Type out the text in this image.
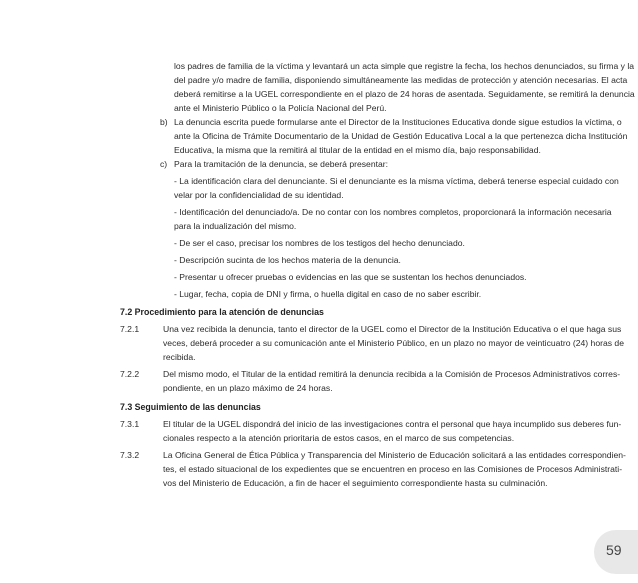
los padres de familia de la víctima y levantará un acta simple que registre la fecha, los hechos denunciados, su firma y la
del padre y/o madre de familia, disponiendo simultáneamente las medidas de protección y atención necesarias. El acta
deberá remitirse a la UGEL correspondiente en el plazo de 24 horas de asentada. Seguidamente, se remitirá la denuncia
ante el Ministerio Público o la Policía Nacional del Perú.
b) La denuncia escrita puede formularse ante el Director de la Instituciones Educativa donde sigue estudios la víctima, o
ante la Oficina de Trámite Documentario de la Unidad de Gestión Educativa Local a la que pertenezca dicha Institución
Educativa, la misma que la remitirá al titular de la entidad en el mismo día, bajo responsabilidad.
c) Para la tramitación de la denuncia, se deberá presentar:
- La identificación clara del denunciante. Si el denunciante es la misma víctima, deberá tenerse especial cuidado con
velar por la confidencialidad de su identidad.
- Identificación del denunciado/a. De no contar con los nombres completos, proporcionará la información necesaria
para la indualización del mismo.
- De ser el caso, precisar los nombres de los testigos del hecho denunciado.
- Descripción sucinta de los hechos materia de la denuncia.
- Presentar u ofrecer pruebas o evidencias en las que se sustentan los hechos denunciados.
- Lugar, fecha, copia de DNI y firma, o huella digital en caso de no saber escribir.
7.2 Procedimiento para la atención de denuncias
7.2.1	Una vez recibida la denuncia, tanto el director de la UGEL como el Director de la Institución Educativa o el que haga sus
veces, deberá proceder a su comunicación ante el Ministerio Público, en un plazo no mayor de veinticuatro (24) horas de
recibida.
7.2.2	Del mismo modo, el Titular de la entidad remitirá la denuncia recibida a la Comisión de Procesos Administrativos corres-
pondiente, en un plazo máximo de 24 horas.
7.3 Seguimiento de las denuncias
7.3.1	El titular de la UGEL dispondrá del inicio de las investigaciones contra el personal que haya incumplido sus deberes fun-
cionales respecto a la atención prioritaria de estos casos, en el marco de sus competencias.
7.3.2	La Oficina General de Ética Pública y Transparencia del Ministerio de Educación solicitará a las entidades correspondien-
tes, el estado situacional de los expedientes que se encuentren en proceso en las Comisiones de Procesos Administrati-
vos del Ministerio de Educación, a fin de hacer el seguimiento correspondiente hasta su culminación.
59
